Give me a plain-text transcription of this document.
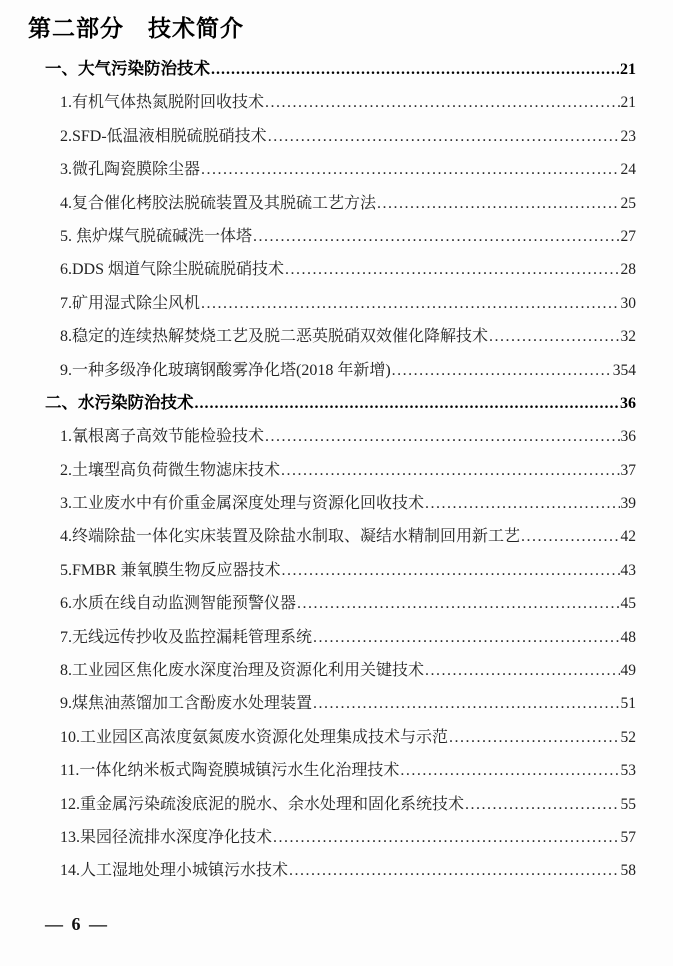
第二部分　技术简介
一、大气污染防治技术 .....	21
1.有机气体热氮脱附回收技术 .....	21
2.SFD-低温液相脱硫脱硝技术 .....	23
3.微孔陶瓷膜除尘器 .....	24
4.复合催化栲胶法脱硫装置及其脱硫工艺方法 .....	25
5. 焦炉煤气脱硫碱洗一体塔 .....	27
6.DDS 烟道气除尘脱硫脱硝技术 .....	28
7.矿用湿式除尘风机 .....	30
8.稳定的连续热解焚烧工艺及脱二恶英脱硝双效催化降解技术 .....	32
9.一种多级净化玻璃钢酸雾净化塔(2018 年新增) .....	354
二、水污染防治技术 .....	36
1.氰根离子高效节能检验技术 .....	36
2.土壤型高负荷微生物滤床技术 .....	37
3.工业废水中有价重金属深度处理与资源化回收技术 .....	39
4.终端除盐一体化实床装置及除盐水制取、凝结水精制回用新工艺 .....	42
5.FMBR 兼氧膜生物反应器技术 .....	43
6.水质在线自动监测智能预警仪器 .....	45
7.无线远传抄收及监控漏耗管理系统 .....	48
8.工业园区焦化废水深度治理及资源化利用关键技术 .....	49
9.煤焦油蒸馏加工含酚废水处理装置 .....	51
10.工业园区高浓度氨氮废水资源化处理集成技术与示范 .....	52
11.一体化纳米板式陶瓷膜城镇污水生化治理技术 .....	53
12.重金属污染疏浚底泥的脱水、余水处理和固化系统技术 .....	55
13.果园径流排水深度净化技术 .....	57
14.人工湿地处理小城镇污水技术 .....	58
— 6 —
